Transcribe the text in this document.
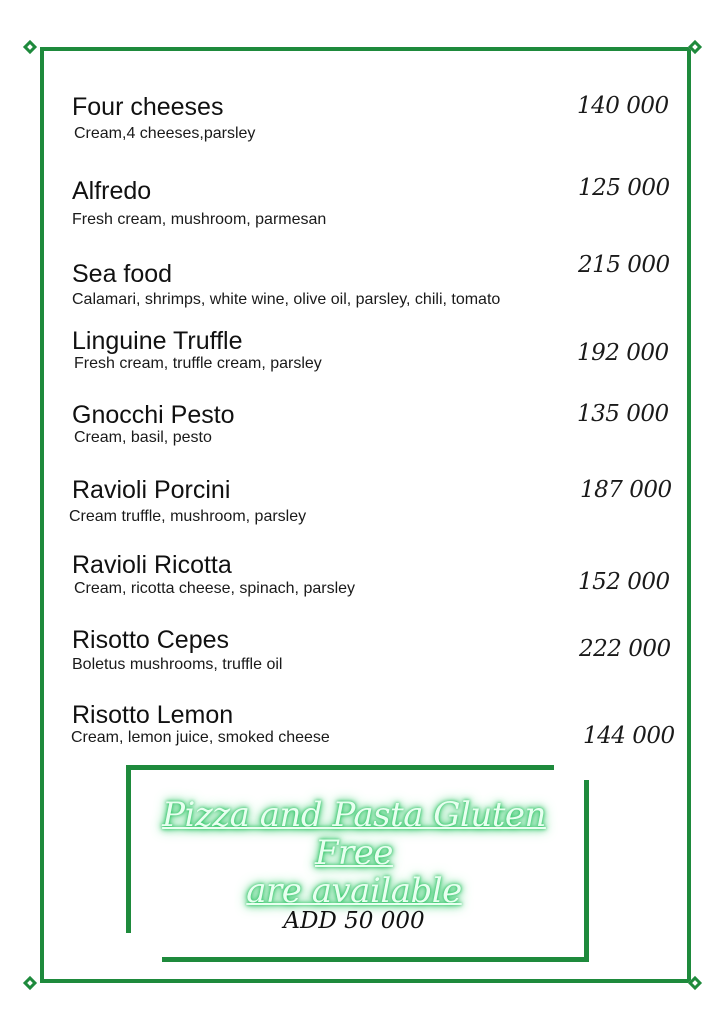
Four cheeses
Cream,4 cheeses,parsley
140 000
Alfredo
Fresh cream, mushroom, parmesan
125 000
Sea food
Calamari, shrimps, white wine, olive oil, parsley, chili, tomato
215 000
Linguine Truffle
Fresh cream, truffle cream, parsley	192 000
Gnocchi Pesto
Cream, basil, pesto
135 000
Ravioli Porcini
Cream truffle, mushroom, parsley
187 000
Ravioli Ricotta
Cream, ricotta cheese, spinach, parsley	152 000
Risotto Cepes
Boletus mushrooms, truffle oil
222 000
Risotto Lemon
Cream, lemon juice, smoked cheese	144 000
Pizza and Pasta Gluten Free
are available
ADD 50 000
